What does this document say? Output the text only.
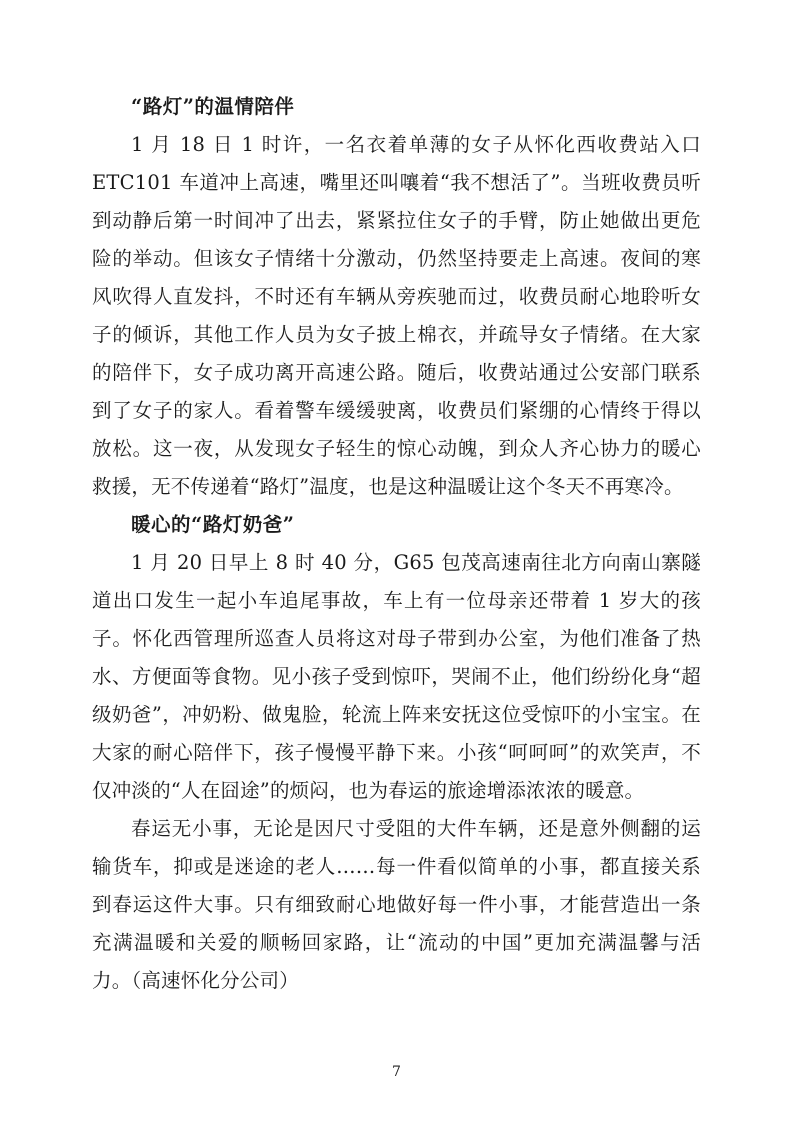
“路灯”的温情陪伴

1 月 18 日 1 时许，一名衣着单薄的女子从怀化西收费站入口 ETC101 车道冲上高速，嘴里还叫嚷着“我不想活了”。当班收费员听到动静后第一时间冲了出去，紧紧拉住女子的手臂，防止她做出更危险的举动。但该女子情绪十分激动，仍然坚持要走上高速。夜间的寒风吹得人直发抖，不时还有车辆从旁疾驰而过，收费员耐心地聆听女子的倾诉，其他工作人员为女子披上棉衣，并疏导女子情绪。在大家的陪伴下，女子成功离开高速公路。随后，收费站通过公安部门联系到了女子的家人。看着警车缓缓驶离，收费员们紧绷的心情终于得以放松。这一夜，从发现女子轻生的惊心动魄，到众人齐心协力的暖心救援，无不传递着“路灯”温度，也是这种温暖让这个冬天不再寒冷。

暖心的“路灯奶爸”

1 月 20 日早上 8 时 40 分，G65 包茂高速南往北方向南山寨隧道出口发生一起小车追尾事故，车上有一位母亲还带着 1 岁大的孩子。怀化西管理所巡查人员将这对母子带到办公室，为他们准备了热水、方便面等食物。见小孩子受到惊吓，哭闹不止，他们纷纷化身“超级奶爸”，冲奶粉、做鬼脸，轮流上阵来安抚这位受惊吓的小宝宝。在大家的耐心陪伴下，孩子慢慢平静下来。小孩“呵呵呵”的欢笑声，不仅冲淡的“人在囧途”的烦闷，也为春运的旅途增添浓浓的暖意。

春运无小事，无论是因尺寸受阻的大件车辆，还是意外侧翻的运输货车，抑或是迷途的老人……每一件看似简单的小事，都直接关系到春运这件大事。只有细致耐心地做好每一件小事，才能营造出一条充满温暖和关爱的顺畅回家路，让“流动的中国”更加充满温馨与活力。（高速怀化分公司）

7
